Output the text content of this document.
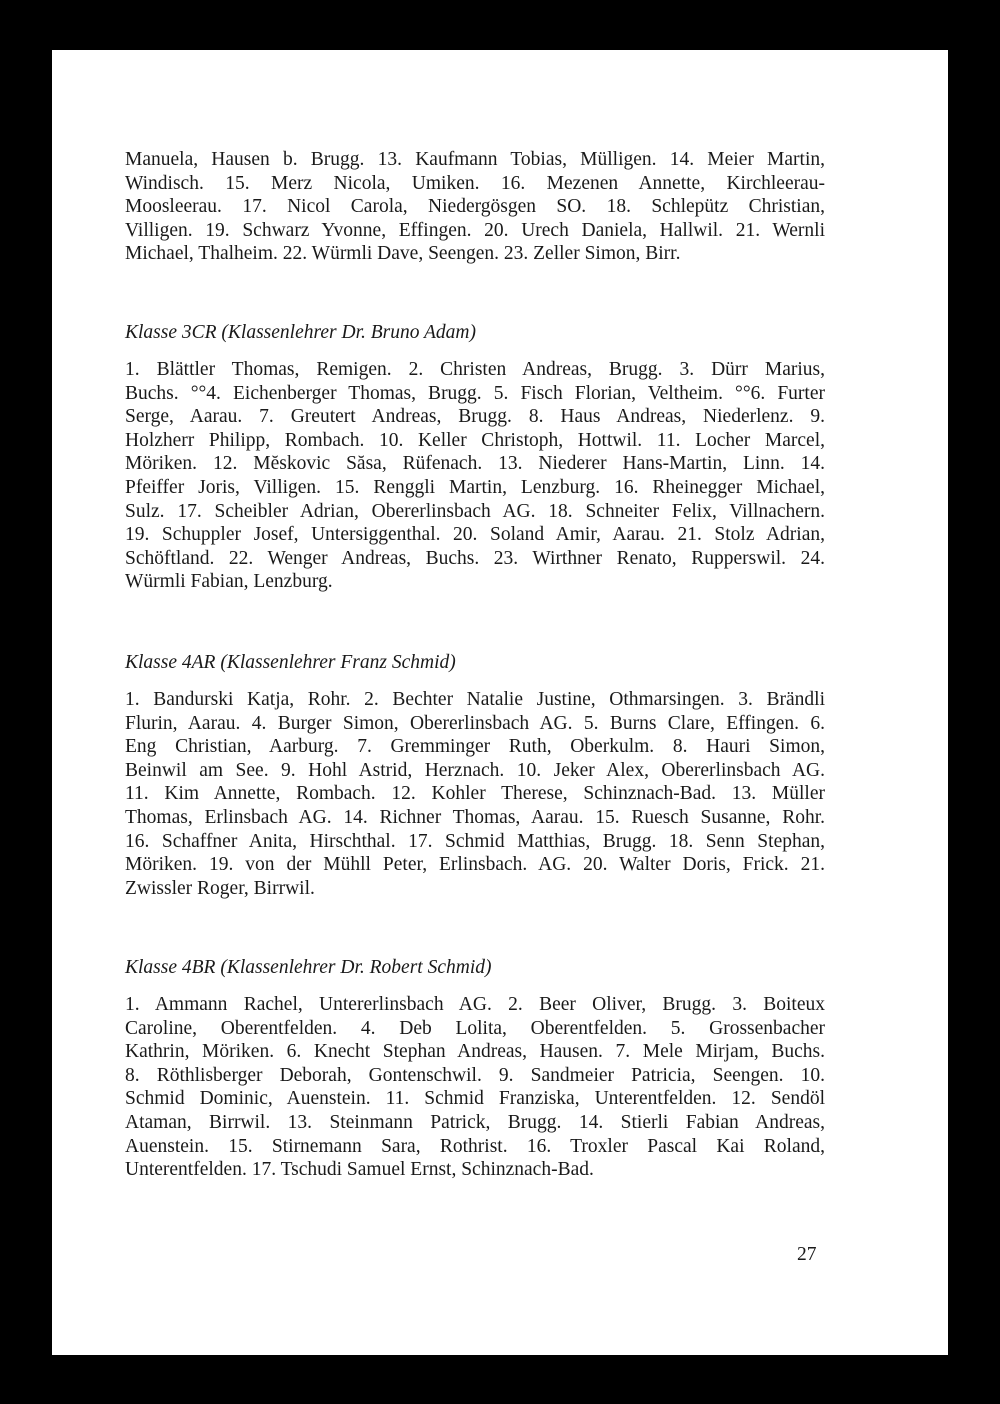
Manuela, Hausen b. Brugg. 13. Kaufmann Tobias, Mülligen. 14. Meier Martin,
Windisch. 15. Merz Nicola, Umiken. 16. Mezenen Annette, Kirchleerau-
Moosleerau. 17. Nicol Carola, Niedergösgen SO. 18. Schlepütz Christian,
Villigen. 19. Schwarz Yvonne, Effingen. 20. Urech Daniela, Hallwil. 21. Wernli
Michael, Thalheim. 22. Würmli Dave, Seengen. 23. Zeller Simon, Birr.
Klasse 3CR (Klassenlehrer Dr. Bruno Adam)
1. Blättler Thomas, Remigen. 2. Christen Andreas, Brugg. 3. Dürr Marius,
Buchs. °°4. Eichenberger Thomas, Brugg. 5. Fisch Florian, Veltheim. °°6. Furter
Serge, Aarau. 7. Greutert Andreas, Brugg. 8. Haus Andreas, Niederlenz. 9.
Holzherr Philipp, Rombach. 10. Keller Christoph, Hottwil. 11. Locher Marcel,
Möriken. 12. Mĕskovic Săsa, Rüfenach. 13. Niederer Hans-Martin, Linn. 14.
Pfeiffer Joris, Villigen. 15. Renggli Martin, Lenzburg. 16. Rheinegger Michael,
Sulz. 17. Scheibler Adrian, Obererlinsbach AG. 18. Schneiter Felix, Villnachern.
19. Schuppler Josef, Untersiggenthal. 20. Soland Amir, Aarau. 21. Stolz Adrian,
Schöftland. 22. Wenger Andreas, Buchs. 23. Wirthner Renato, Rupperswil. 24.
Würmli Fabian, Lenzburg.
Klasse 4AR (Klassenlehrer Franz Schmid)
1. Bandurski Katja, Rohr. 2. Bechter Natalie Justine, Othmarsingen. 3. Brändli
Flurin, Aarau. 4. Burger Simon, Obererlinsbach AG. 5. Burns Clare, Effingen. 6.
Eng Christian, Aarburg. 7. Gremminger Ruth, Oberkulm. 8. Hauri Simon,
Beinwil am See. 9. Hohl Astrid, Herznach. 10. Jeker Alex, Obererlinsbach AG.
11. Kim Annette, Rombach. 12. Kohler Therese, Schinznach-Bad. 13. Müller
Thomas, Erlinsbach AG. 14. Richner Thomas, Aarau. 15. Ruesch Susanne, Rohr.
16. Schaffner Anita, Hirschthal. 17. Schmid Matthias, Brugg. 18. Senn Stephan,
Möriken. 19. von der Mühll Peter, Erlinsbach. AG. 20. Walter Doris, Frick. 21.
Zwissler Roger, Birrwil.
Klasse 4BR (Klassenlehrer Dr. Robert Schmid)
1. Ammann Rachel, Untererlinsbach AG. 2. Beer Oliver, Brugg. 3. Boiteux
Caroline, Oberentfelden. 4. Deb Lolita, Oberentfelden. 5. Grossenbacher
Kathrin, Möriken. 6. Knecht Stephan Andreas, Hausen. 7. Mele Mirjam, Buchs.
8. Röthlisberger Deborah, Gontenschwil. 9. Sandmeier Patricia, Seengen. 10.
Schmid Dominic, Auenstein. 11. Schmid Franziska, Unterentfelden. 12. Sendöl
Ataman, Birrwil. 13. Steinmann Patrick, Brugg. 14. Stierli Fabian Andreas,
Auenstein. 15. Stirnemann Sara, Rothrist. 16. Troxler Pascal Kai Roland,
Unterentfelden. 17. Tschudi Samuel Ernst, Schinznach-Bad.
27
